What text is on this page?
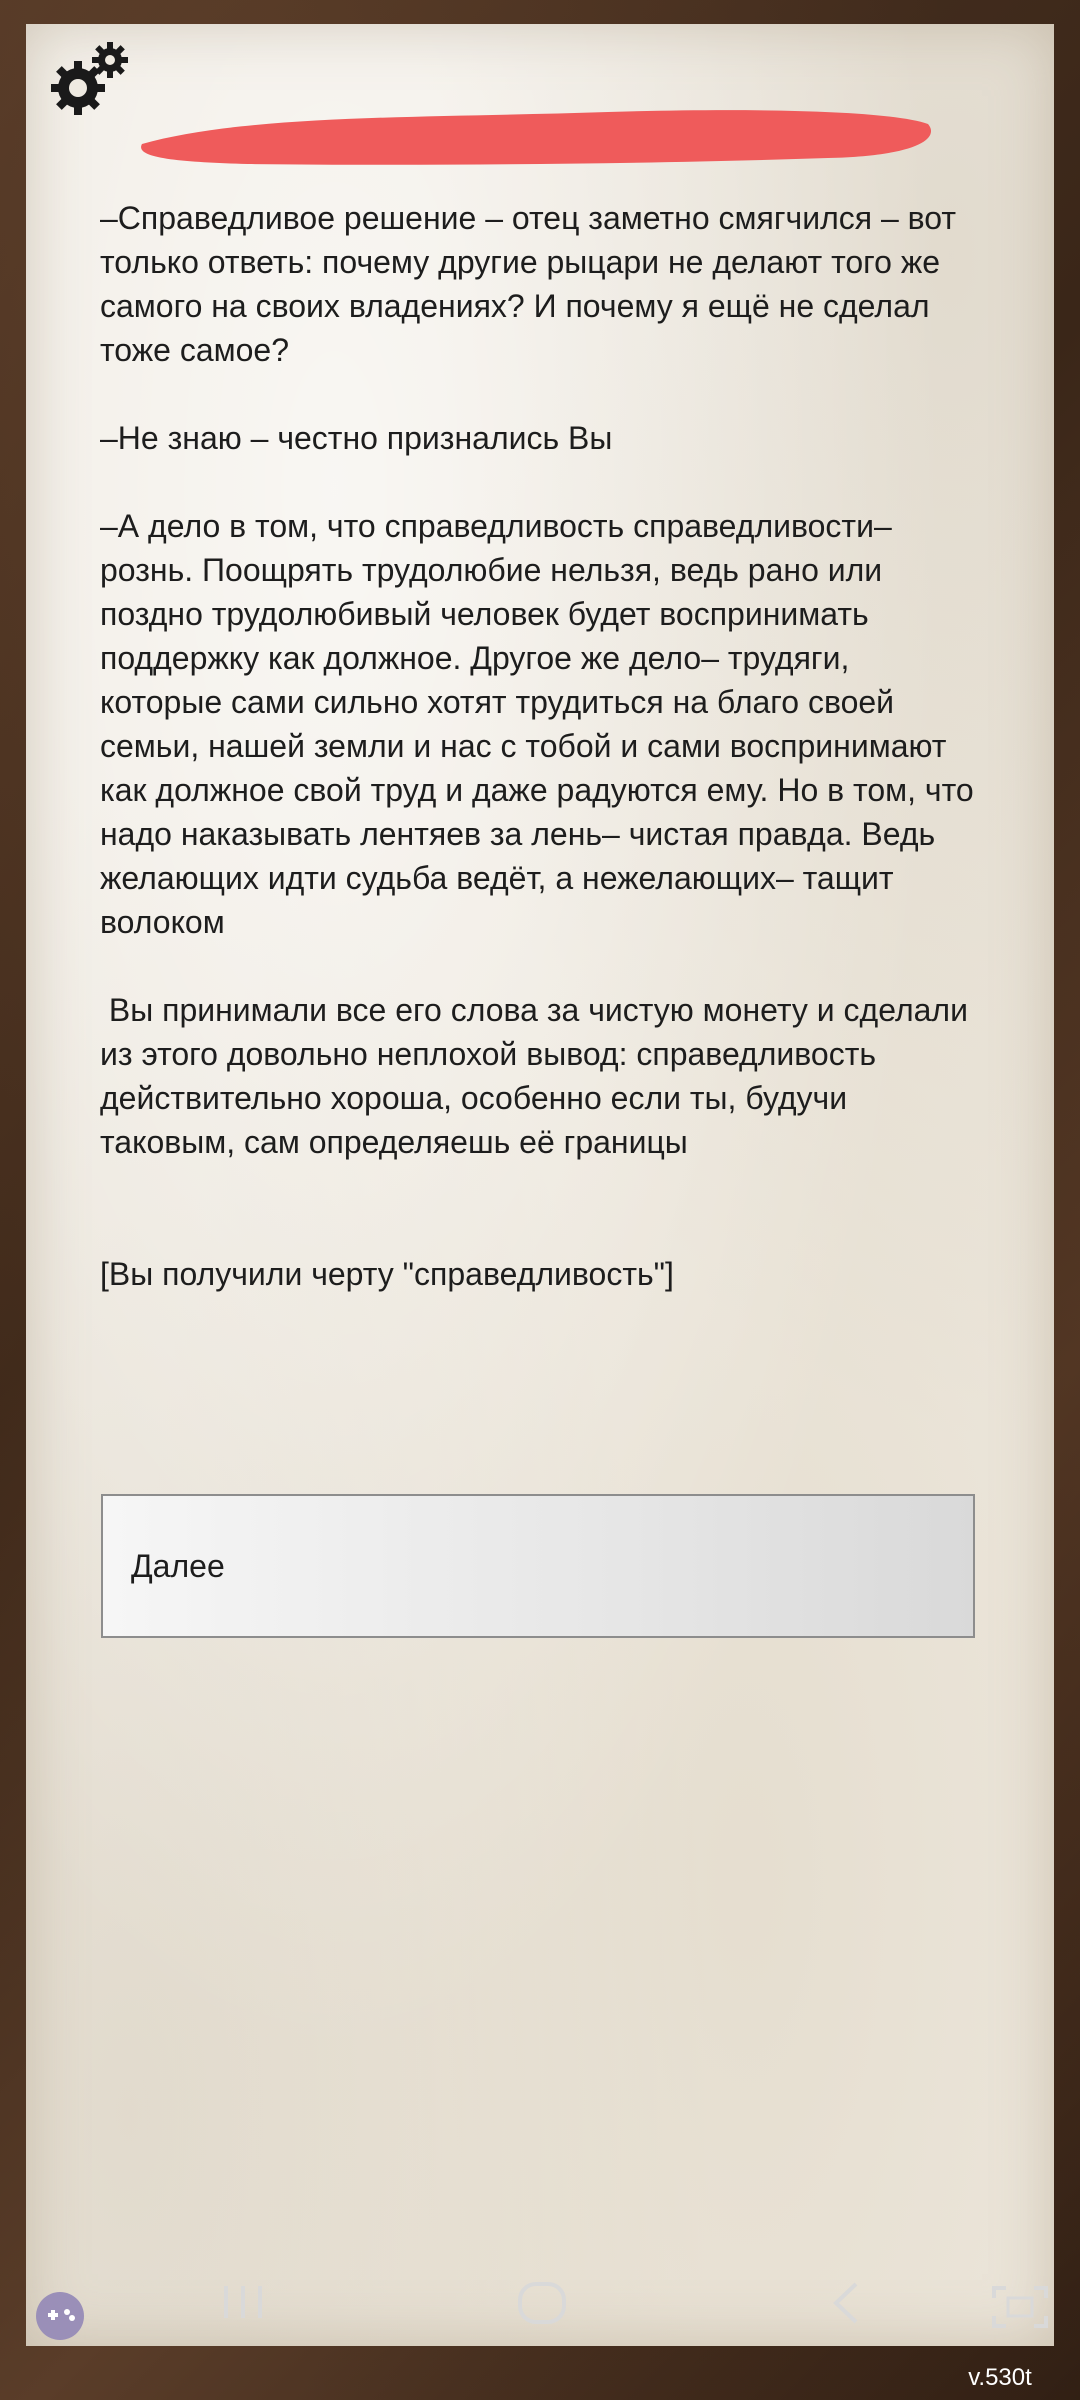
–Справедливое решение – отец заметно смягчился – вот только ответь: почему другие рыцари не делают того же самого на своих владениях? И почему я ещё не сделал тоже самое?

–Не знаю – честно признались Вы

–А дело в том, что справедливость справедливости– рознь. Поощрять трудолюбие нельзя, ведь рано или поздно трудолюбивый человек будет воспринимать поддержку как должное. Другое же дело– трудяги, которые сами сильно хотят трудиться на благо своей семьи, нашей земли и нас с тобой и сами воспринимают как должное свой труд и даже радуются ему. Но в том, что надо наказывать лентяев за лень– чистая правда. Ведь желающих идти судьба ведёт, а нежелающих– тащит волоком

Вы принимали все его слова за чистую монету и сделали из этого довольно неплохой вывод: справедливость действительно хороша, особенно если ты, будучи таковым, сам определяешь её границы

[Вы получили черту "справедливость"]

Далее
v.530t
